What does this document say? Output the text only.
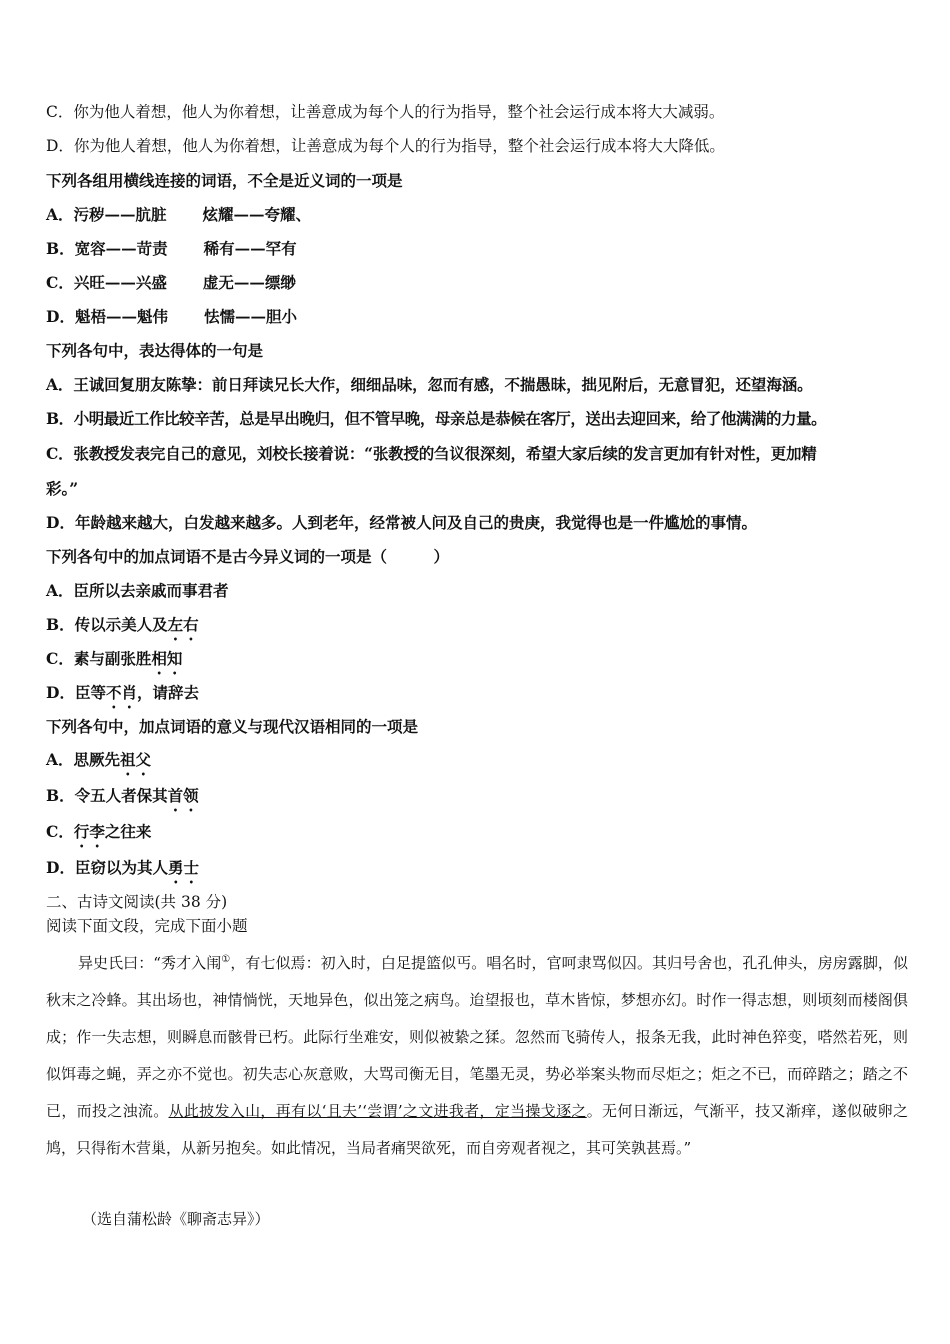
C．你为他人着想，他人为你着想，让善意成为每个人的行为指导，整个社会运行成本将大大减弱。
D．你为他人着想，他人为你着想，让善意成为每个人的行为指导，整个社会运行成本将大大降低。
下列各组用横线连接的词语，不全是近义词的一项是
A．污秽——肮脏 炫耀——夸耀、
B．宽容——苛责 稀有——罕有
C．兴旺——兴盛 虚无——缥缈
D．魁梧——魁伟 怯懦——胆小
下列各句中，表达得体的一句是
A．王诚回复朋友陈挚：前日拜读兄长大作，细细品味，忽而有感，不揣愚昧，拙见附后，无意冒犯，还望海涵。
B．小明最近工作比较辛苦，总是早出晚归，但不管早晚，母亲总是恭候在客厅，送出去迎回来，给了他满满的力量。
C．张教授发表完自己的意见，刘校长接着说：“张教授的刍议很深刻，希望大家后续的发言更加有针对性，更加精
彩。”
D．年龄越来越大，白发越来越多。人到老年，经常被人问及自己的贵庚，我觉得也是一件尴尬的事情。
下列各句中的加点词语不是古今异义词的一项是（　　　）
A．臣所以去亲戚而事君者
B．传以示美人及左右
C．素与副张胜相知
D．臣等不肖，请辞去
下列各句中，加点词语的意义与现代汉语相同的一项是
A．思厥先祖父
B．令五人者保其首领
C．行李之往来
D．臣窃以为其人勇士
二、古诗文阅读(共 38 分)
阅读下面文段，完成下面小题
异史氏曰：“秀才入闱①，有七似焉：初入时，白足提篮似丐。唱名时，官呵隶骂似囚。其归号舍也，孔孔伸头，房房露脚，似秋末之冷蜂。其出场也，神情惝恍，天地异色，似出笼之病鸟。迨望报也，草木皆惊，梦想亦幻。时作一得志想，则顷刻而楼阁俱成；作一失志想，则瞬息而骸骨已朽。此际行坐难安，则似被絷之猱。忽然而飞骑传人，报条无我，此时神色猝变，嗒然若死，则似饵毒之蝇，弄之亦不觉也。初失志心灰意败，大骂司衡无目，笔墨无灵，势必举案头物而尽炬之；炬之不已，而碎踏之；踏之不已，而投之浊流。从此披发入山，再有以‘且夫’‘尝谓’之文进我者，定当操戈逐之。无何日渐远，气渐平，技又渐痒，遂似破卵之鸠，只得衔木营巢，从新另抱矣。如此情况，当局者痛哭欲死，而自旁观者视之，其可笑孰甚焉。”
（选自蒲松龄《聊斋志异》）
